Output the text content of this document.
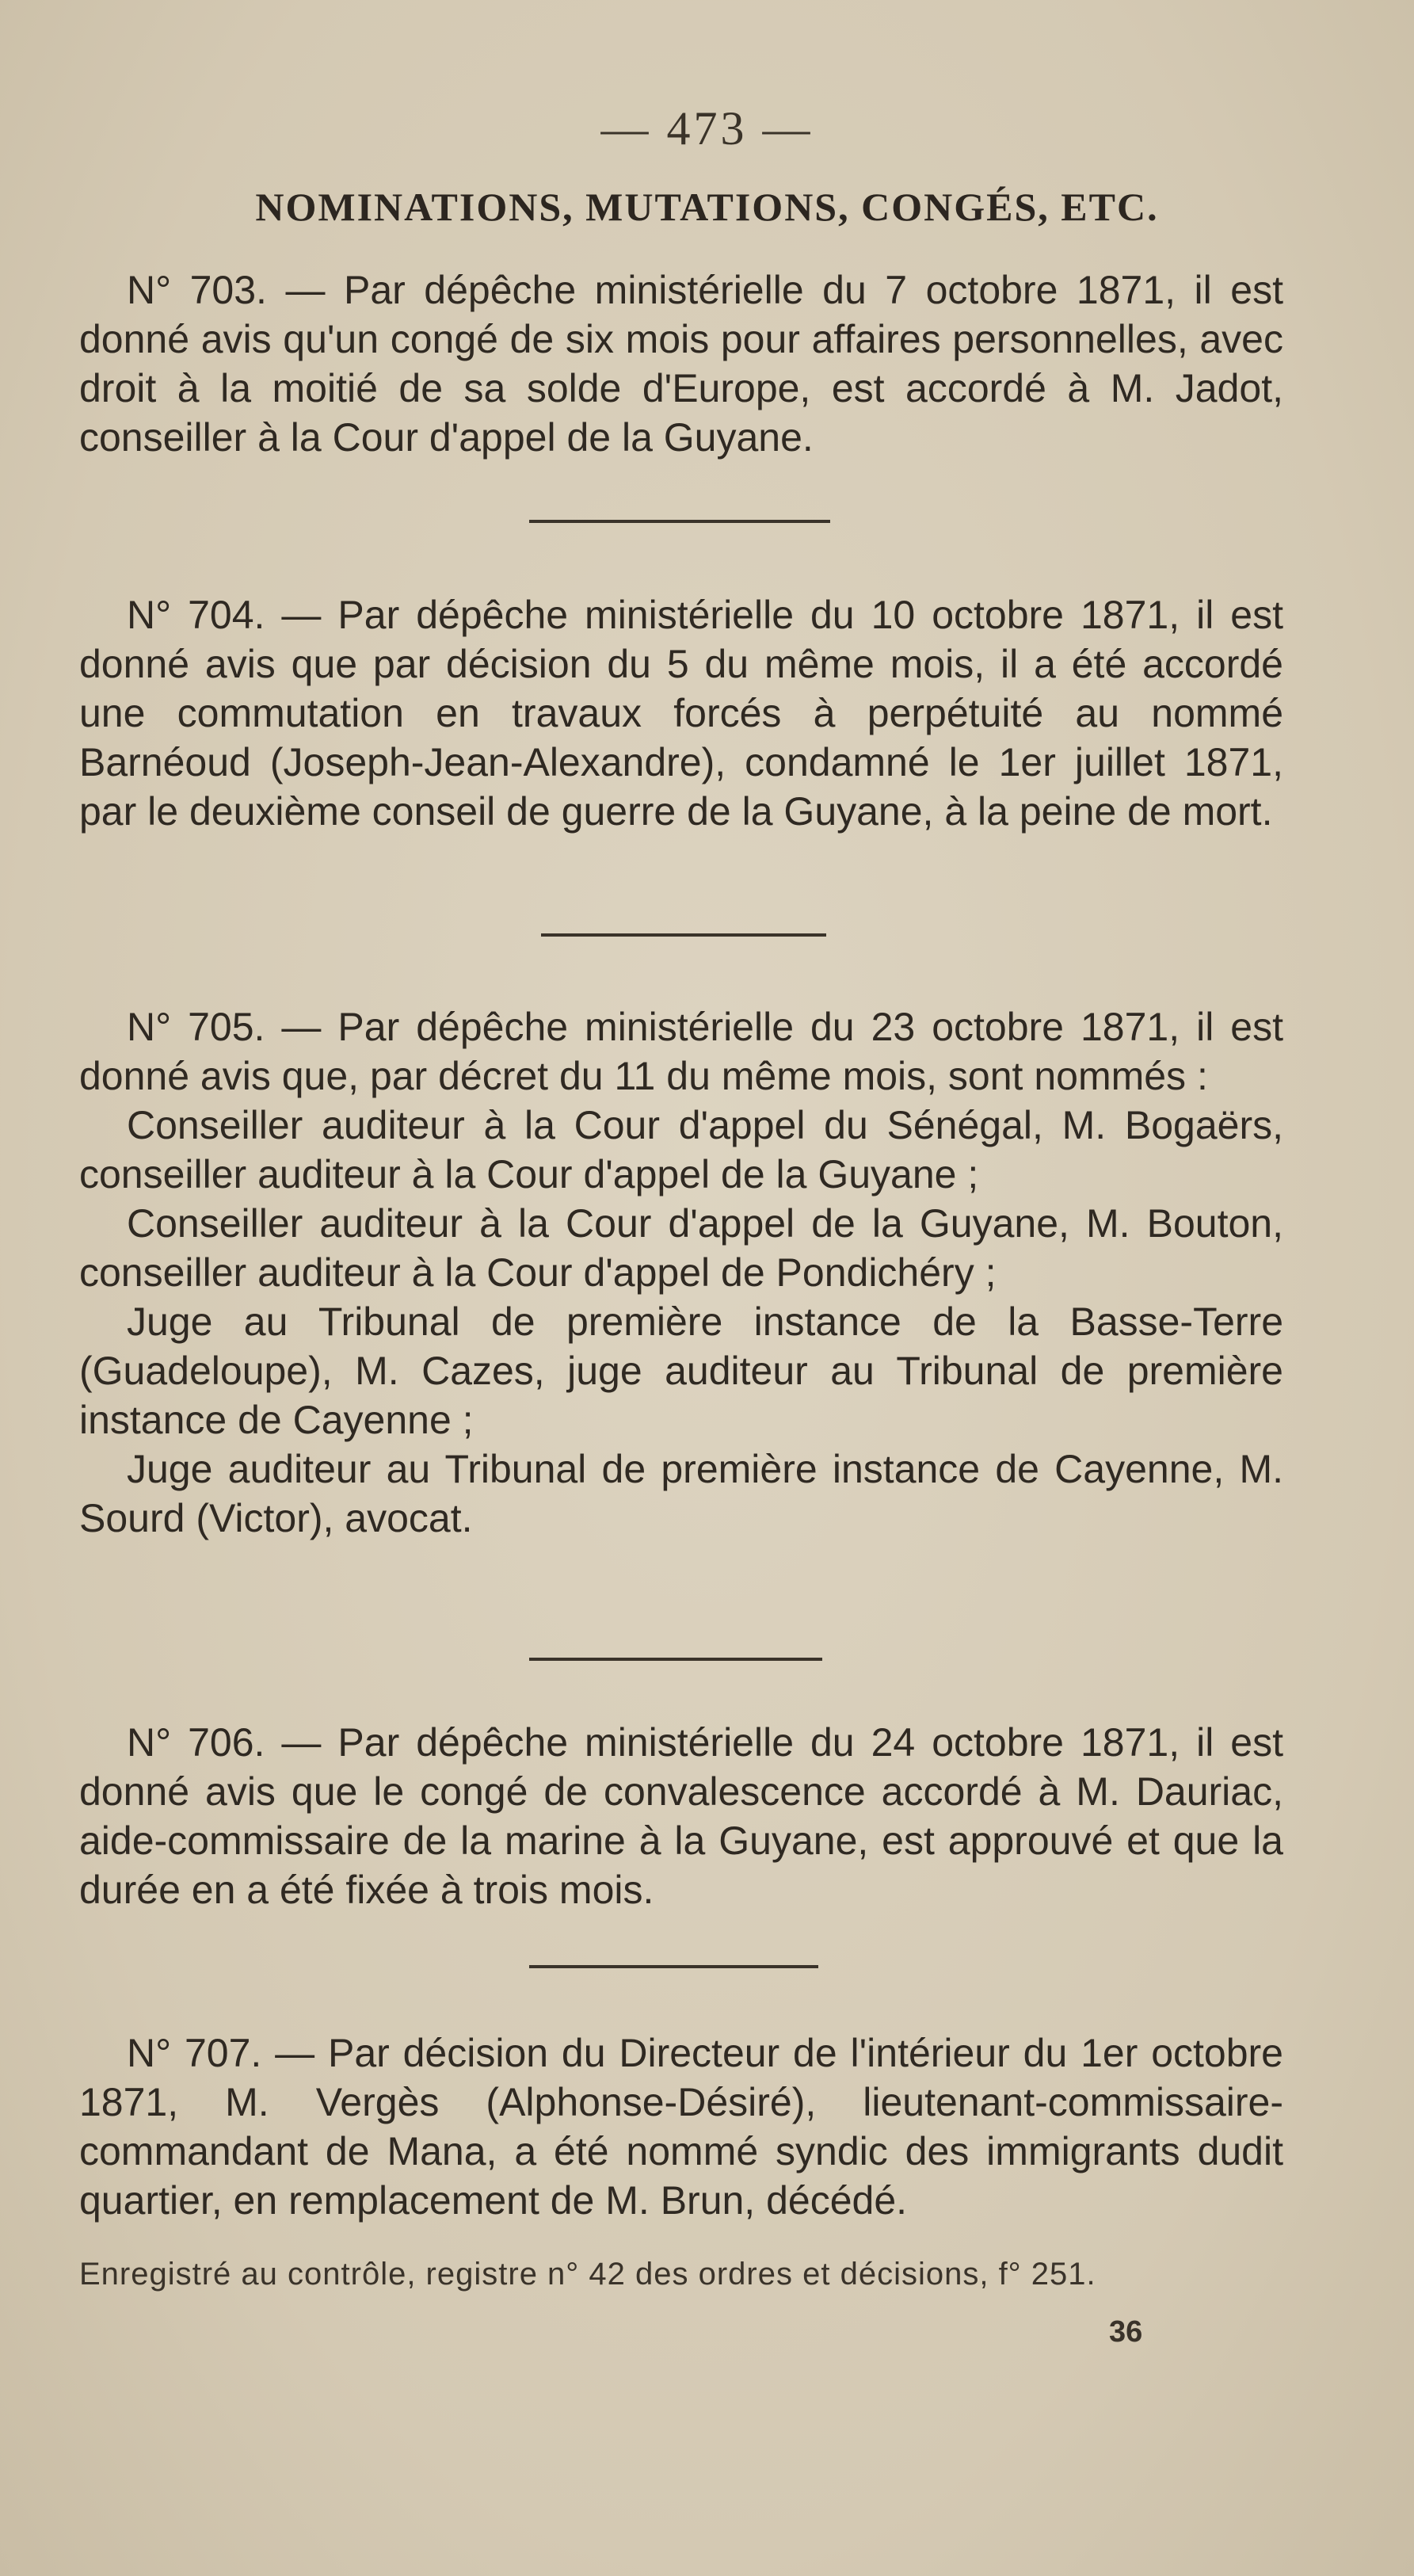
— 473 —
NOMINATIONS, MUTATIONS, CONGÉS, ETC.

N° 703. — Par dépêche ministérielle du 7 octobre 1871, il est donné avis qu'un congé de six mois pour affaires personnelles, avec droit à la moitié de sa solde d'Europe, est accordé à M. Jadot, conseiller à la Cour d'appel de la Guyane.

N° 704. — Par dépêche ministérielle du 10 octobre 1871, il est donné avis que par décision du 5 du même mois, il a été accordé une commutation en travaux forcés à perpétuité au nommé Barnéoud (Joseph-Jean-Alexandre), condamné le 1er juillet 1871, par le deuxième conseil de guerre de la Guyane, à la peine de mort.

N° 705. — Par dépêche ministérielle du 23 octobre 1871, il est donné avis que, par décret du 11 du même mois, sont nommés :

Conseiller auditeur à la Cour d'appel du Sénégal, M. Bogaërs, conseiller auditeur à la Cour d'appel de la Guyane ;

Conseiller auditeur à la Cour d'appel de la Guyane, M. Bouton, conseiller auditeur à la Cour d'appel de Pondichéry ;

Juge au Tribunal de première instance de la Basse-Terre (Guadeloupe), M. Cazes, juge auditeur au Tribunal de première instance de Cayenne ;

Juge auditeur au Tribunal de première instance de Cayenne, M. Sourd (Victor), avocat.

N° 706. — Par dépêche ministérielle du 24 octobre 1871, il est donné avis que le congé de convalescence accordé à M. Dauriac, aide-commissaire de la marine à la Guyane, est approuvé et que la durée en a été fixée à trois mois.

N° 707. — Par décision du Directeur de l'intérieur du 1er octobre 1871, M. Vergès (Alphonse-Désiré), lieutenant-commissaire-commandant de Mana, a été nommé syndic des immigrants dudit quartier, en remplacement de M. Brun, décédé.

Enregistré au contrôle, registre n° 42 des ordres et décisions, f° 251.
36
